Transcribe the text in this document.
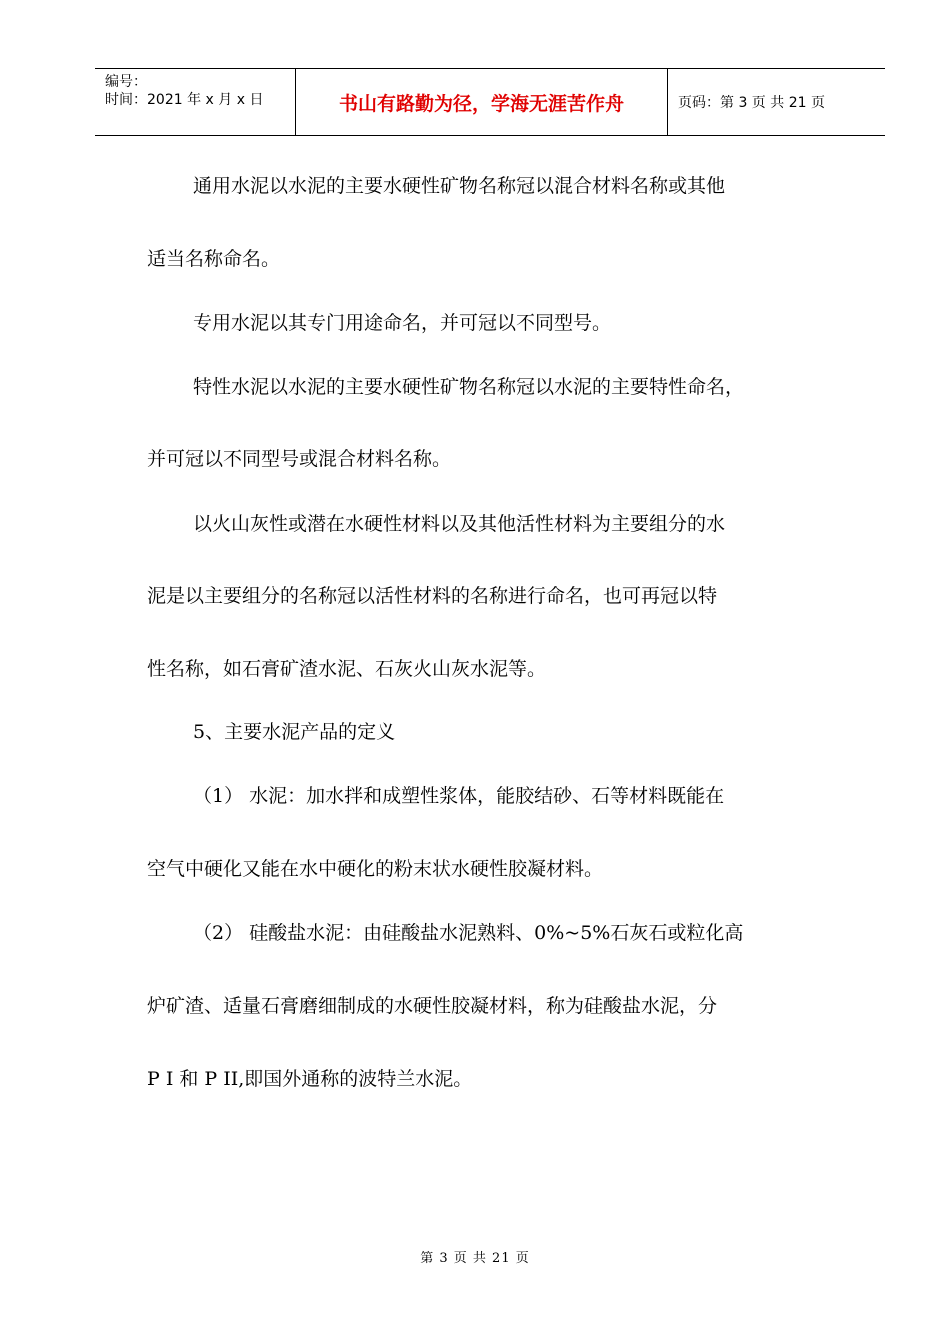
编号：
时间：2021 年 x 月 x 日	书山有路勤为径，学海无涯苦作舟	页码：第 3 页 共 21 页
通用水泥以水泥的主要水硬性矿物名称冠以混合材料名称或其他
适当名称命名。
专用水泥以其专门用途命名，并可冠以不同型号。
特性水泥以水泥的主要水硬性矿物名称冠以水泥的主要特性命名，
并可冠以不同型号或混合材料名称。
以火山灰性或潜在水硬性材料以及其他活性材料为主要组分的水
泥是以主要组分的名称冠以活性材料的名称进行命名，也可再冠以特
性名称，如石膏矿渣水泥、石灰火山灰水泥等。
5、主要水泥产品的定义
（1） 水泥：加水拌和成塑性浆体，能胶结砂、石等材料既能在
空气中硬化又能在水中硬化的粉末状水硬性胶凝材料。
（2） 硅酸盐水泥：由硅酸盐水泥熟料、0%~5%石灰石或粒化高
炉矿渣、适量石膏磨细制成的水硬性胶凝材料，称为硅酸盐水泥，分
P I 和 P II,即国外通称的波特兰水泥。
第 3 页 共 21 页
